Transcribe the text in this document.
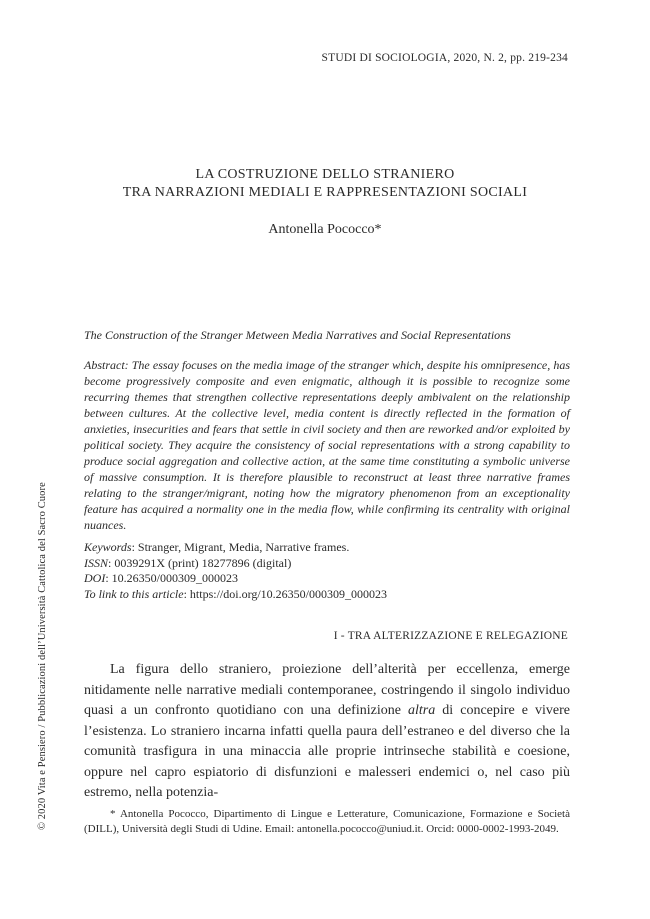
STUDI DI SOCIOLOGIA, 2020, N. 2, pp. 219-234
LA COSTRUZIONE DELLO STRANIERO
TRA NARRAZIONI MEDIALI E RAPPRESENTAZIONI SOCIALI
Antonella Pococco*
The Construction of the Stranger Metween Media Narratives and Social Representations
Abstract: The essay focuses on the media image of the stranger which, despite his omnipresence, has become progressively composite and even enigmatic, although it is possible to recognize some recurring themes that strengthen collective representations deeply ambivalent on the relationship between cultures. At the collective level, media content is directly reflected in the formation of anxieties, insecurities and fears that settle in civil society and then are reworked and/or exploited by political society. They acquire the consistency of social representations with a strong capability to produce social aggregation and collective action, at the same time constituting a symbolic universe of massive consumption. It is therefore plausible to reconstruct at least three narrative frames relating to the stranger/migrant, noting how the migratory phenomenon from an exceptionality feature has acquired a normality one in the media flow, while confirming its centrality with original nuances.
Keywords: Stranger, Migrant, Media, Narrative frames.
ISSN: 0039291X (print) 18277896 (digital)
DOI: 10.26350/000309_000023
To link to this article: https://doi.org/10.26350/000309_000023
I - TRA ALTERIZZAZIONE E RELEGAZIONE

La figura dello straniero, proiezione dell’alterità per eccellenza, emerge nitidamente nelle narrative mediali contemporanee, costringendo il singolo individuo quasi a un confronto quotidiano con una definizione altra di concepire e vivere l’esistenza. Lo straniero incarna infatti quella paura dell’estraneo e del diverso che la comunità trasfigura in una minaccia alle proprie intrinseche stabilità e coesione, oppure nel capro espiatorio di disfunzioni e malesseri endemici o, nel caso più estremo, nella potenzia-

* Antonella Pococco, Dipartimento di Lingue e Letterature, Comunicazione, Formazione e Società (DILL), Università degli Studi di Udine. Email: antonella.pococco@uniud.it. Orcid: 0000-0002-1993-2049.

© 2020 Vita e Pensiero / Pubblicazioni dell’Università Cattolica del Sacro Cuore
